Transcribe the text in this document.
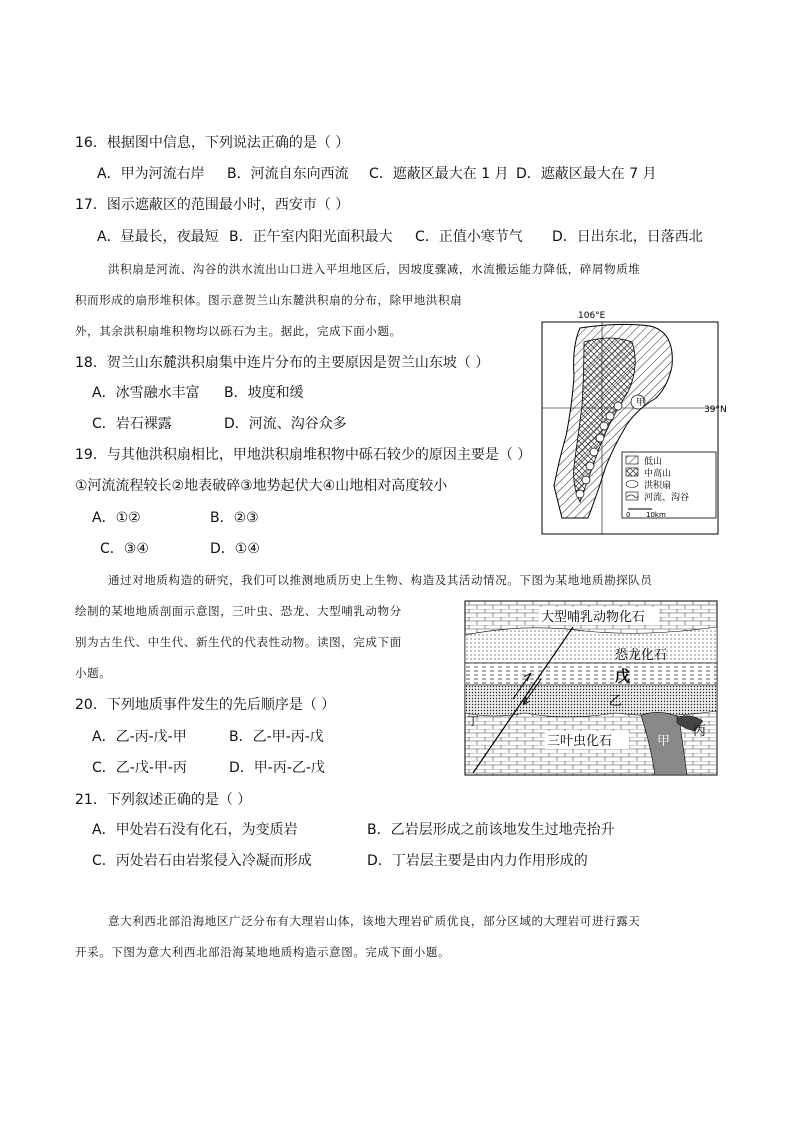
16．根据图中信息，下列说法正确的是（ ）
A．甲为河流右岸 B．河流自东向西流 C．遮蔽区最大在 1 月 D．遮蔽区最大在 7 月
17．图示遮蔽区的范围最小时，西安市（ ）
A．昼最长，夜最短 B．正午室内阳光面积最大 C．正值小寒节气 D．日出东北，日落西北
洪积扇是河流、沟谷的洪水流出山口进入平坦地区后，因坡度骤减，水流搬运能力降低，碎屑物质堆
积而形成的扇形堆积体。图示意贺兰山东麓洪积扇的分布，除甲地洪积扇
外，其余洪积扇堆积物均以砾石为主。据此，完成下面小题。
106°E
39°N
甲
低山
中高山
洪积扇
河流、沟谷
0 10km
18．贺兰山东麓洪积扇集中连片分布的主要原因是贺兰山东坡（ ）
A．冰雪融水丰富 B．坡度和缓
C．岩石裸露	D．河流、沟谷众多
19．与其他洪积扇相比，甲地洪积扇堆积物中砾石较少的原因主要是（ ）
①河流流程较长②地表破碎③地势起伏大④山地相对高度较小
A．①②	B．②③
C．③④	D．①④
通过对地质构造的研究，我们可以推测地质历史上生物、构造及其活动情况。下图为某地地质勘探队员
绘制的某地地质剖面示意图，三叶虫、恐龙、大型哺乳动物分
别为古生代、中生代、新生代的代表性动物。读图，完成下面
小题。
大型哺乳动物化石
恐龙化石
戊
乙
三叶虫化石	甲
丙
丁
20．下列地质事件发生的先后顺序是（ ）
A．乙-丙-戊-甲	B．乙-甲-丙-戊
C．乙-戊-甲-丙	D．甲-丙-乙-戊
21．下列叙述正确的是（ ）
A．甲处岩石没有化石，为变质岩	B．乙岩层形成之前该地发生过地壳抬升
C．丙处岩石由岩浆侵入冷凝而形成	D．丁岩层主要是由内力作用形成的
意大利西北部沿海地区广泛分布有大理岩山体，该地大理岩矿质优良，部分区域的大理岩可进行露天
开采。下图为意大利西北部沿海某地地质构造示意图。完成下面小题。
